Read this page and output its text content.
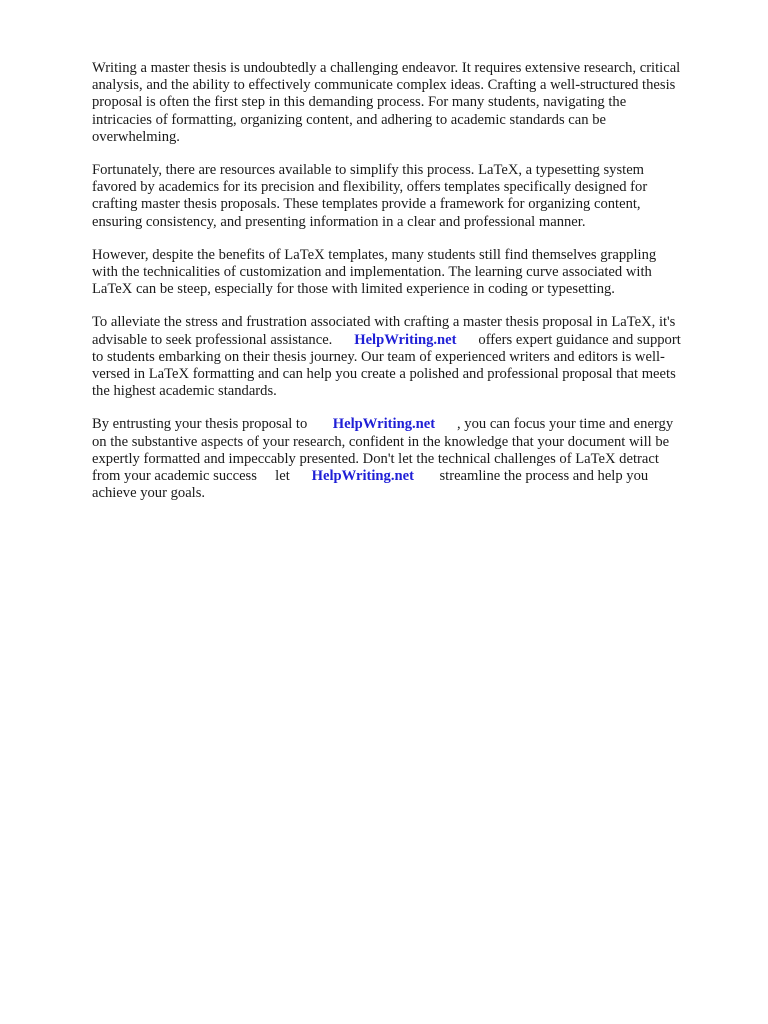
Writing a master thesis is undoubtedly a challenging endeavor. It requires extensive research, critical
analysis, and the ability to effectively communicate complex ideas. Crafting a well-structured thesis
proposal is often the first step in this demanding process. For many students, navigating the
intricacies of formatting, organizing content, and adhering to academic standards can be
overwhelming.

Fortunately, there are resources available to simplify this process. LaTeX, a typesetting system
favored by academics for its precision and flexibility, offers templates specifically designed for
crafting master thesis proposals. These templates provide a framework for organizing content,
ensuring consistency, and presenting information in a clear and professional manner.

However, despite the benefits of LaTeX templates, many students still find themselves grappling
with the technicalities of customization and implementation. The learning curve associated with
LaTeX can be steep, especially for those with limited experience in coding or typesetting.

To alleviate the stress and frustration associated with crafting a master thesis proposal in LaTeX, it's
advisable to seek professional assistance.      HelpWriting.net      offers expert guidance and support
to students embarking on their thesis journey. Our team of experienced writers and editors is well-
versed in LaTeX formatting and can help you create a polished and professional proposal that meets
the highest academic standards.

By entrusting your thesis proposal to       HelpWriting.net      , you can focus your time and energy
on the substantive aspects of your research, confident in the knowledge that your document will be
expertly formatted and impeccably presented. Don't let the technical challenges of LaTeX detract
from your academic success     let      HelpWriting.net       streamline the process and help you
achieve your goals.
